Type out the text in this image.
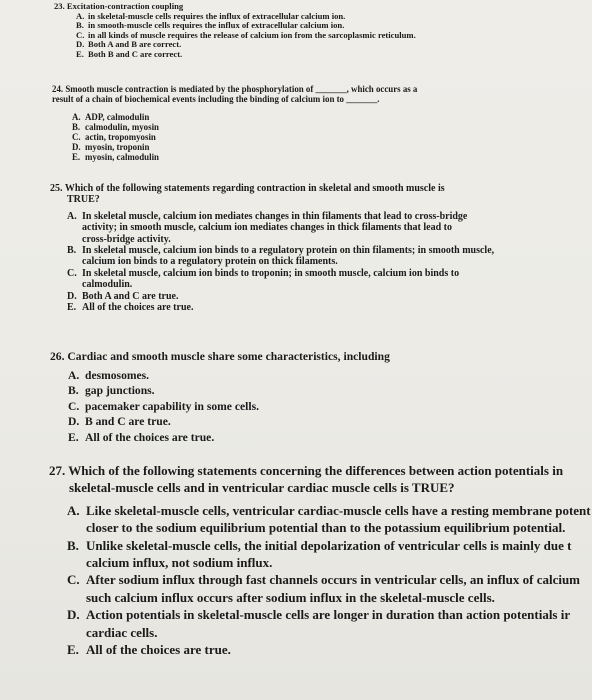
23. Excitation-contraction coupling
A. in skeletal-muscle cells requires the influx of extracellular calcium ion.
B. in smooth-muscle cells requires the influx of extracellular calcium ion.
C. in all kinds of muscle requires the release of calcium ion from the sarcoplasmic reticulum.
D. Both A and B are correct.
E. Both B and C are correct.
24. Smooth muscle contraction is mediated by the phosphorylation of _______, which occurs as a
result of a chain of biochemical events including the binding of calcium ion to _______.
A. ADP, calmodulin
B. calmodulin, myosin
C. actin, tropomyosin
D. myosin, troponin
E. myosin, calmodulin
25. Which of the following statements regarding contraction in skeletal and smooth muscle is
TRUE?
A. In skeletal muscle, calcium ion mediates changes in thin filaments that lead to cross-bridge
activity; in smooth muscle, calcium ion mediates changes in thick filaments that lead to
cross-bridge activity.
B. In skeletal muscle, calcium ion binds to a regulatory protein on thin filaments; in smooth muscle,
calcium ion binds to a regulatory protein on thick filaments.
C. In skeletal muscle, calcium ion binds to troponin; in smooth muscle, calcium ion binds to
calmodulin.
D. Both A and C are true.
E. All of the choices are true.
26. Cardiac and smooth muscle share some characteristics, including
A. desmosomes.
B. gap junctions.
C. pacemaker capability in some cells.
D. B and C are true.
E. All of the choices are true.
27. Which of the following statements concerning the differences between action potentials in
skeletal-muscle cells and in ventricular cardiac muscle cells is TRUE?
A. Like skeletal-muscle cells, ventricular cardiac-muscle cells have a resting membrane potent
closer to the sodium equilibrium potential than to the potassium equilibrium potential.
B. Unlike skeletal-muscle cells, the initial depolarization of ventricular cells is mainly due t
calcium influx, not sodium influx.
C. After sodium influx through fast channels occurs in ventricular cells, an influx of calcium
such calcium influx occurs after sodium influx in the skeletal-muscle cells.
D. Action potentials in skeletal-muscle cells are longer in duration than action potentials ir
cardiac cells.
E. All of the choices are true.
